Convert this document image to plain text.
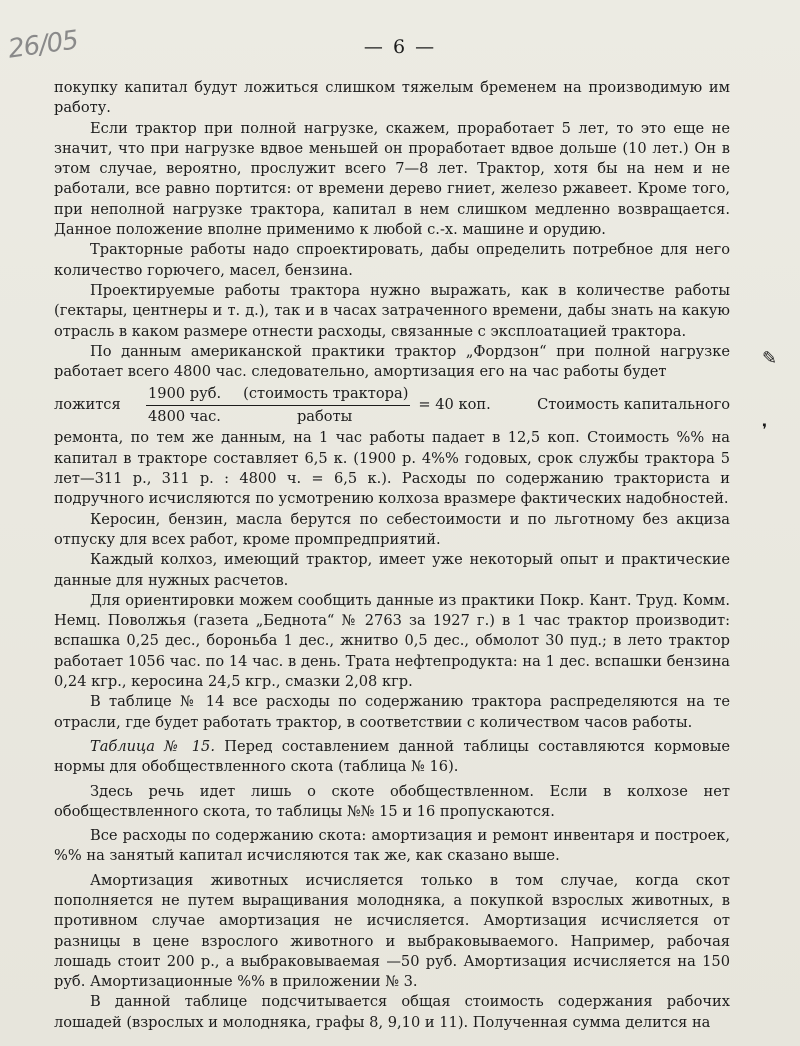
26/05	— 6 —
✎
❜

покупку капитал будут ложиться слишком тяжелым бременем на производимую им работу.

Если трактор при полной нагрузке, скажем, проработает 5 лет, то это еще не значит, что при нагрузке вдвое меньшей он проработает вдвое дольше (10 лет.) Он в этом случае, вероятно, прослужит всего 7—8 лет. Трактор, хотя бы на нем и не работали, все равно портится: от времени дерево гниет, железо ржавеет. Кроме того, при неполной нагрузке трактора, капитал в нем слишком медленно возвращается. Данное положение вполне применимо к любой с.-х. машине и орудию.

Тракторные работы надо спроектировать, дабы определить потребное для него количество горючего, масел, бензина.

Проектируемые работы трактора нужно выражать, как в количестве работы (гектары, центнеры и т. д.), так и в часах затраченного времени, дабы знать на какую отрасль в каком размере отнести расходы, связанные с эксплоатацией трактора.

По данным американской практики трактор „Фордзон“ при полной нагрузке работает всего 4800 час. следовательно, амортизация его на час работы будет

ложится	1900 руб. (стоимость трактора)
4800 час.	работы = 40 коп.	Стоимость капитального

ремонта, по тем же данным, на 1 час работы падает в 12,5 коп. Стоимость %% на капитал в тракторе составляет 6,5 к. (1900 р. 4%% годовых, срок службы трактора 5 лет—311 р., 311 р. : 4800 ч. = 6,5 к.). Расходы по содержанию тракториста и подручного исчисляются по усмотрению колхоза вразмере фактических надобностей.

Керосин, бензин, масла берутся по себестоимости и по льготному без акциза отпуску для всех работ, кроме промпредприятий.

Каждый колхоз, имеющий трактор, имеет уже некоторый опыт и практические данные для нужных расчетов.

Для ориентировки можем сообщить данные из практики Покр. Кант. Труд. Комм. Немц. Поволжья (газета „Беднота“ № 2763 за 1927 г.) в 1 час трактор производит: вспашка 0,25 дес., бороньба 1 дес., жнитво 0,5 дес., обмолот 30 пуд.; в лето трактор работает 1056 час. по 14 час. в день. Трата нефтепродукта: на 1 дес. вспашки бензина 0,24 кгр., керосина 24,5 кгр., смазки 2,08 кгр.

В таблице № 14 все расходы по содержанию трактора распределяются на те отрасли, где будет работать трактор, в соответствии с количеством часов работы.

Таблица № 15. Перед составлением данной таблицы составляются кормовые нормы для обобществленного скота (таблица № 16).

Здесь речь идет лишь о скоте обобществленном. Если в колхозе нет обобществленного скота, то таблицы №№ 15 и 16 пропускаются.

Все расходы по содержанию скота: амортизация и ремонт инвентаря и построек, %% на занятый капитал исчисляются так же, как сказано выше.

Амортизация животных исчисляется только в том случае, когда скот пополняется не путем выращивания молодняка, а покупкой взрослых животных, в противном случае амортизация не исчисляется. Амортизация исчисляется от разницы в цене взрослого животного и выбраковываемого. Например, рабочая лошадь стоит 200 р., а выбраковываемая —50 руб. Амортизация исчисляется на 150 руб. Амортизационные %% в приложении № 3.

В данной таблице подсчитывается общая стоимость содержания рабочих лошадей (взрослых и молодняка, графы 8, 9,10 и 11). Полученная сумма делится на
